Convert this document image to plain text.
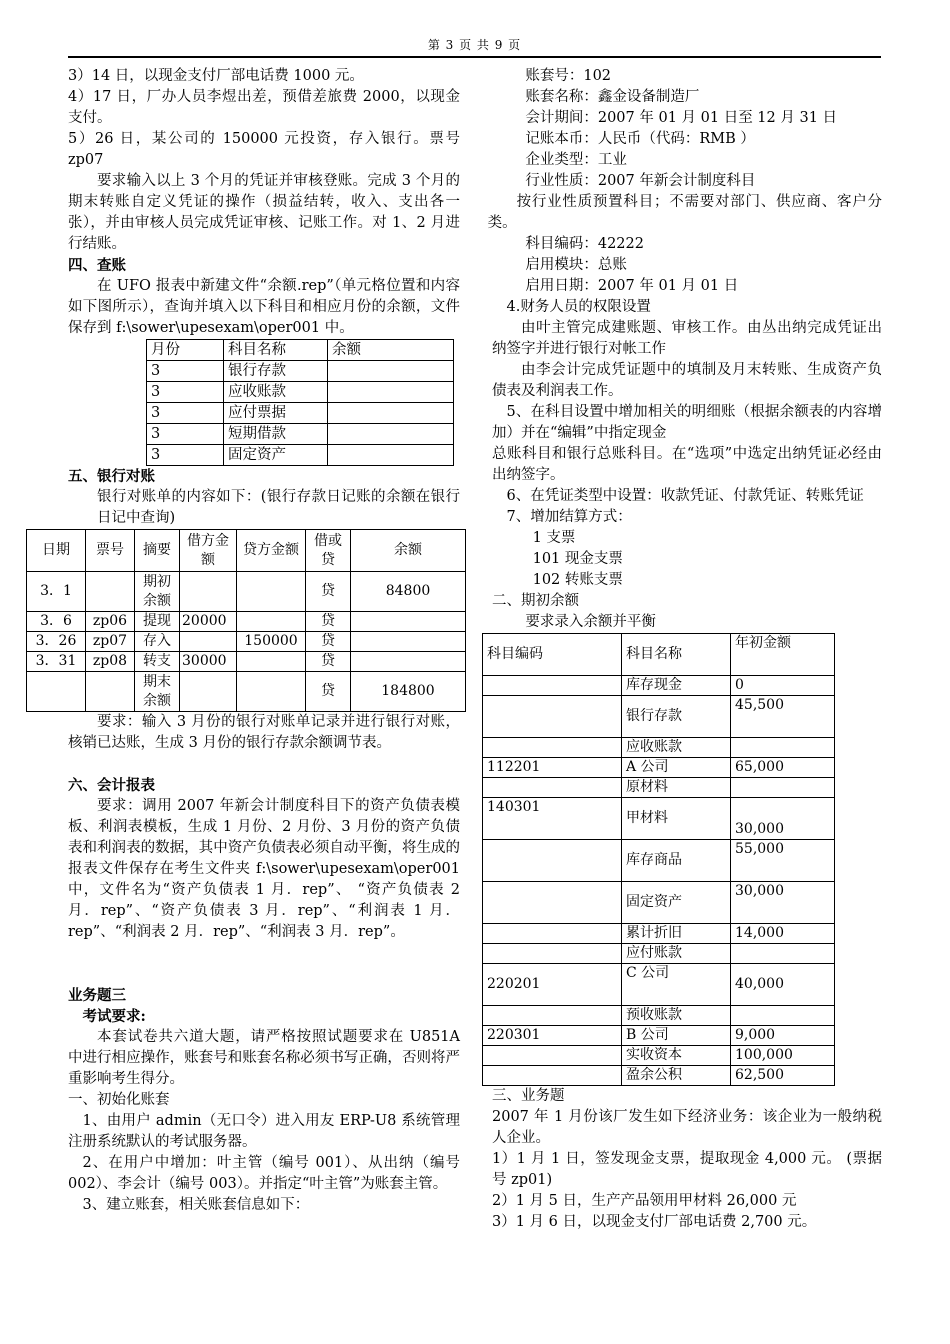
第 3 页 共 9 页

3）14 日，以现金支付厂部电话费 1000 元。

4）17 日，厂办人员李煜出差，预借差旅费 2000，以现金支付。

5）26 日，某公司的 150000 元投资，存入银行。票号 zp07

要求输入以上 3 个月的凭证并审核登账。完成 3 个月的期末转账自定义凭证的操作（损益结转，收入、支出各一张），并由审核人员完成凭证审核、记账工作。对 1、2 月进行结账。

四、查账

在 UFO 报表中新建文件“余额.rep”（单元格位置和内容如下图所示），查询并填入以下科目和相应月份的余额，文件保存到 f:\sower\upesexam\oper001 中。

月份	科目名称	余额
3	银行存款	
3	应收账款	
3	应付票据	
3	短期借款	
3	固定资产	

五、银行对账

银行对账单的内容如下：(银行存款日记账的余额在银行日记中查询)

日期	票号	摘要	借方金额	贷方金额	借或贷	余额
3．1		期初余额			贷	84800
3．6	zp06	提现	20000		贷	
3．26	zp07	存入		150000	贷	
3．31	zp08	转支	30000		贷	
		期末余额			贷	184800

要求：输入 3 月份的银行对账单记录并进行银行对账，核销已达账，生成 3 月份的银行存款余额调节表。

六、会计报表

要求：调用 2007 年新会计制度科目下的资产负债表模板、利润表模板，生成 1 月份、2 月份、3 月份的资产负债表和利润表的数据，其中资产负债表必须自动平衡，将生成的报表文件保存在考生文件夹 f:\sower\upesexam\oper001 中，文件名为“资产负债表 1 月．rep”、 “资产负债表 2 月．rep”、“资产负债表 3 月．rep”、“利润表 1 月．rep”、“利润表 2 月．rep”、“利润表 3 月．rep”。

业务题三

考试要求:

本套试卷共六道大题，请严格按照试题要求在 U851A 中进行相应操作，账套号和账套名称必须书写正确，否则将严重影响考生得分。

一、初始化账套

1、由用户 admin（无口令）进入用友 ERP-U8 系统管理注册系统默认的考试服务器。

2、在用户中增加：叶主管（编号 001）、从出纳（编号 002）、李会计（编号 003）。并指定“叶主管”为账套主管。

3、建立账套，相关账套信息如下：

账套号：102

账套名称：鑫金设备制造厂

会计期间：2007 年 01 月 01 日至 12 月 31 日

记账本币：人民币（代码：RMB ）

企业类型：工业

行业性质：2007 年新会计制度科目

按行业性质预置科目；不需要对部门、供应商、客户分类。

科目编码：42222

启用模块：总账

启用日期：2007 年 01 月 01 日

4.财务人员的权限设置

由叶主管完成建账题、审核工作。由丛出纳完成凭证出纳签字并进行银行对帐工作

由李会计完成凭证题中的填制及月末转账、生成资产负债表及利润表工作。

5、在科目设置中增加相关的明细账（根据余额表的内容增加）并在“编辑”中指定现金

总账科目和银行总账科目。在“选项”中选定出纳凭证必经由出纳签字。

6、在凭证类型中设置：收款凭证、付款凭证、转账凭证

7、增加结算方式：

1 支票

101 现金支票

102 转账支票

二、期初余额

要求录入余额并平衡

科目编码	科目名称	年初金额
	库存现金	0
	银行存款	45,500
	应收账款	
112201	A 公司	65,000
	原材料	
140301	甲材料	30,000
	库存商品	55,000
	固定资产	30,000
	累计折旧	14,000
	应付账款	
220201	C 公司	40,000
	预收账款	
220301	B 公司	9,000
	实收资本	100,000
	盈余公积	62,500

三、业务题

2007 年 1 月份该厂发生如下经济业务：该企业为一般纳税人企业。

1）1 月 1 日，签发现金支票，提取现金 4,000 元。 (票据号 zp01)

2）1 月 5 日，生产产品领用甲材料 26,000 元

3）1 月 6 日，以现金支付厂部电话费 2,700 元。
